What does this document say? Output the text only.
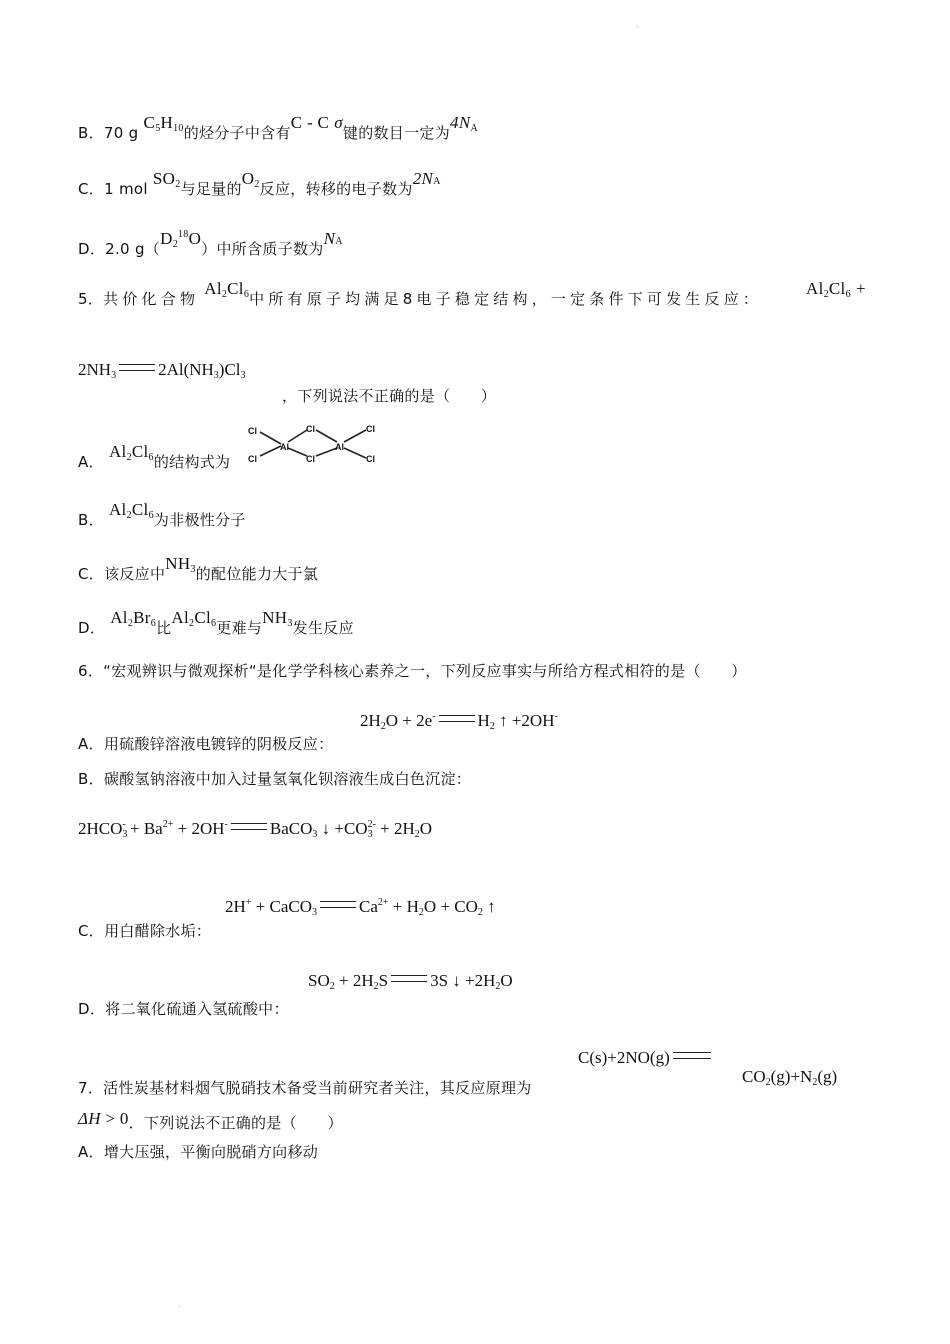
.
B．70 g $C_5H_{10}$的烃分子中含有C - C σ键的数目一定为$4N^A$
C．1 mol $SO_2$与足量的$O_2$反应，转移的电子数为$2N^A$
D．2.0 $g(D_2^{18}O)$中所含质子数为$N^A$
5．共价化合物 $Al_2Cl_6$中所有原子均满足8电子稳定结构，一定条件下可发生反应：
$Al_2Cl_6$ +
$2NH_3$ $2Al(NH_3)Cl_3$
，下列说法不正确的是（　　）
A． $Al_2Cl_6$的结构式为
Cl
Cl
Al
Cl
Al
Cl
Cl
Cl
B． $Al_2Cl_6$为非极性分子
C．该反应中$NH_3$的配位能力大于氯
D． $Al_2Br_6$比$Al_2Cl_6$更难与$NH_3$发生反应
6．“宏观辨识与微观探析“是化学学科核心素养之一，下列反应事实与所给方程式相符的是（　　）
$2H_2O + 2e^-$ $H_2$ ↑ +2OH-
A．用硫酸锌溶液电镀锌的阴极反应：
B．碳酸氢钠溶液中加入过量氢氧化钡溶液生成白色沉淀：
$2HCO_3^- + Ba^{2+} + 2OH^-$ BaCO$_3$ ↓ $+CO_3^{2-} + 2H_2O$
2H+ + CaCO$_3$ $Ca^{2+} + H_2O + CO_2$ ↑
C．用白醋除水垢：
$SO_2 + 2H_2S$ 3S ↓ $+2H_2O$
D．将二氧化硫通入氢硫酸中：
C(s)+2NO(g)
7．活性炭基材料烟气脱硝技术备受当前研究者关注，其反应原理为
$CO_2(g)+N_2(g)$
ΔH > 0．下列说法不正确的是（　　）
A．增大压强，平衡向脱硝方向移动
.
